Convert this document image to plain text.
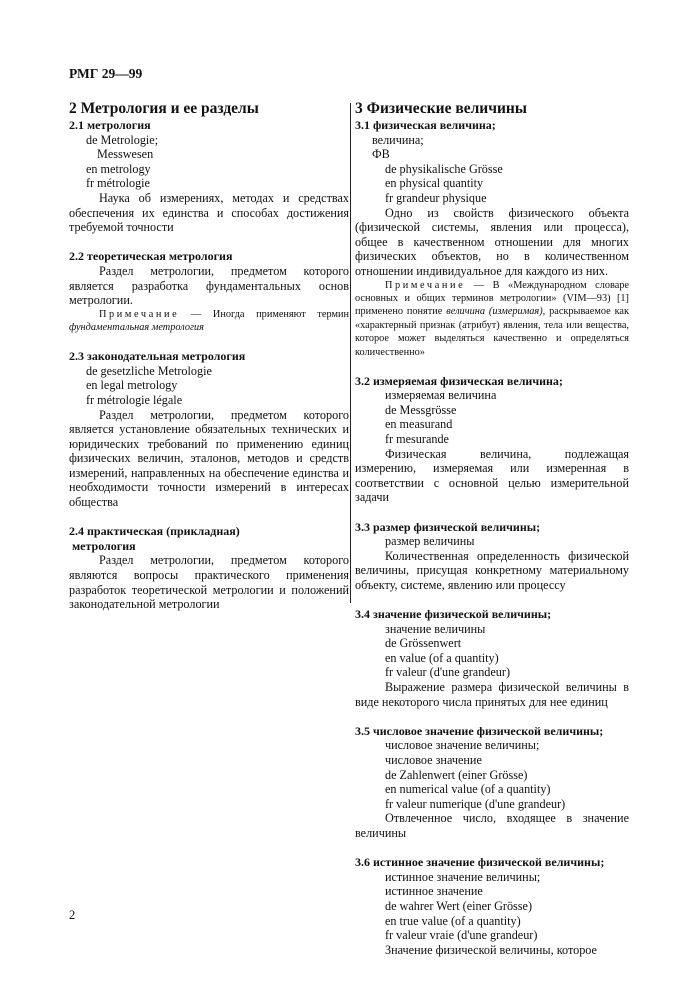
РМГ 29—99
2 Метрология и ее разделы
2.1 метрология
de Metrologie;
Messwesen
en metrology
fr métrologie

Наука об измерениях, методах и средствах обеспечения их единства и способах достижения требуемой точности

2.2 теоретическая метрология

Раздел метрологии, предметом которого является разработка фундаментальных основ метрологии.

Примечание — Иногда применяют термин фундаментальная метрология

2.3 законодательная метрология
de gesetzliche Metrologie
en legal metrology
fr métrologie légale

Раздел метрологии, предметом которого является установление обязательных технических и юридических требований по применению единиц физических величин, эталонов, методов и средств измерений, направленных на обеспечение единства и необходимости точности измерений в интересах общества

2.4 практическая (прикладная)
метрология

Раздел метрологии, предметом которого являются вопросы практического применения разработок теоретической метрологии и положений законодательной метрологии

3 Физические величины
3.1 физическая величина;
величина;
ФВ
de physikalische Grösse
en physical quantity
fr grandeur physique

Одно из свойств физического объекта (физической системы, явления или процесса), общее в качественном отношении для многих физических объектов, но в количественном отношении индивидуальное для каждого из них.

Примечание — В «Международном словаре основных и общих терминов метрологии» (VIM—93) [1] применено понятие величина (измеримая), раскрываемое как «характерный признак (атрибут) явления, тела или вещества, которое может выделяться качественно и определяться количественно»

3.2 измеряемая физическая величина;
измеряемая величина
de Messgrösse
en measurand
fr mesurande

Физическая величина, подлежащая измерению, измеряемая или измеренная в соответствии с основной целью измерительной задачи

3.3 размер физической величины;
размер величины

Количественная определенность физической величины, присущая конкретному материальному объекту, системе, явлению или процессу

3.4 значение физической величины;
значение величины
de Grössenwert
en value (of a quantity)
fr valeur (d'une grandeur)

Выражение размера физической величины в виде некоторого числа принятых для нее единиц

3.5 числовое значение физической величины;
числовое значение величины;
числовое значение
de Zahlenwert (einer Grösse)
en numerical value (of a quantity)
fr valeur numerique (d'une grandeur)

Отвлеченное число, входящее в значение величины

3.6 истинное значение физической величины;
истинное значение величины;
истинное значение
de wahrer Wert (einer Grösse)
en true value (of a quantity)
fr valeur vraie (d'une grandeur)

Значение физической величины, которое

2
